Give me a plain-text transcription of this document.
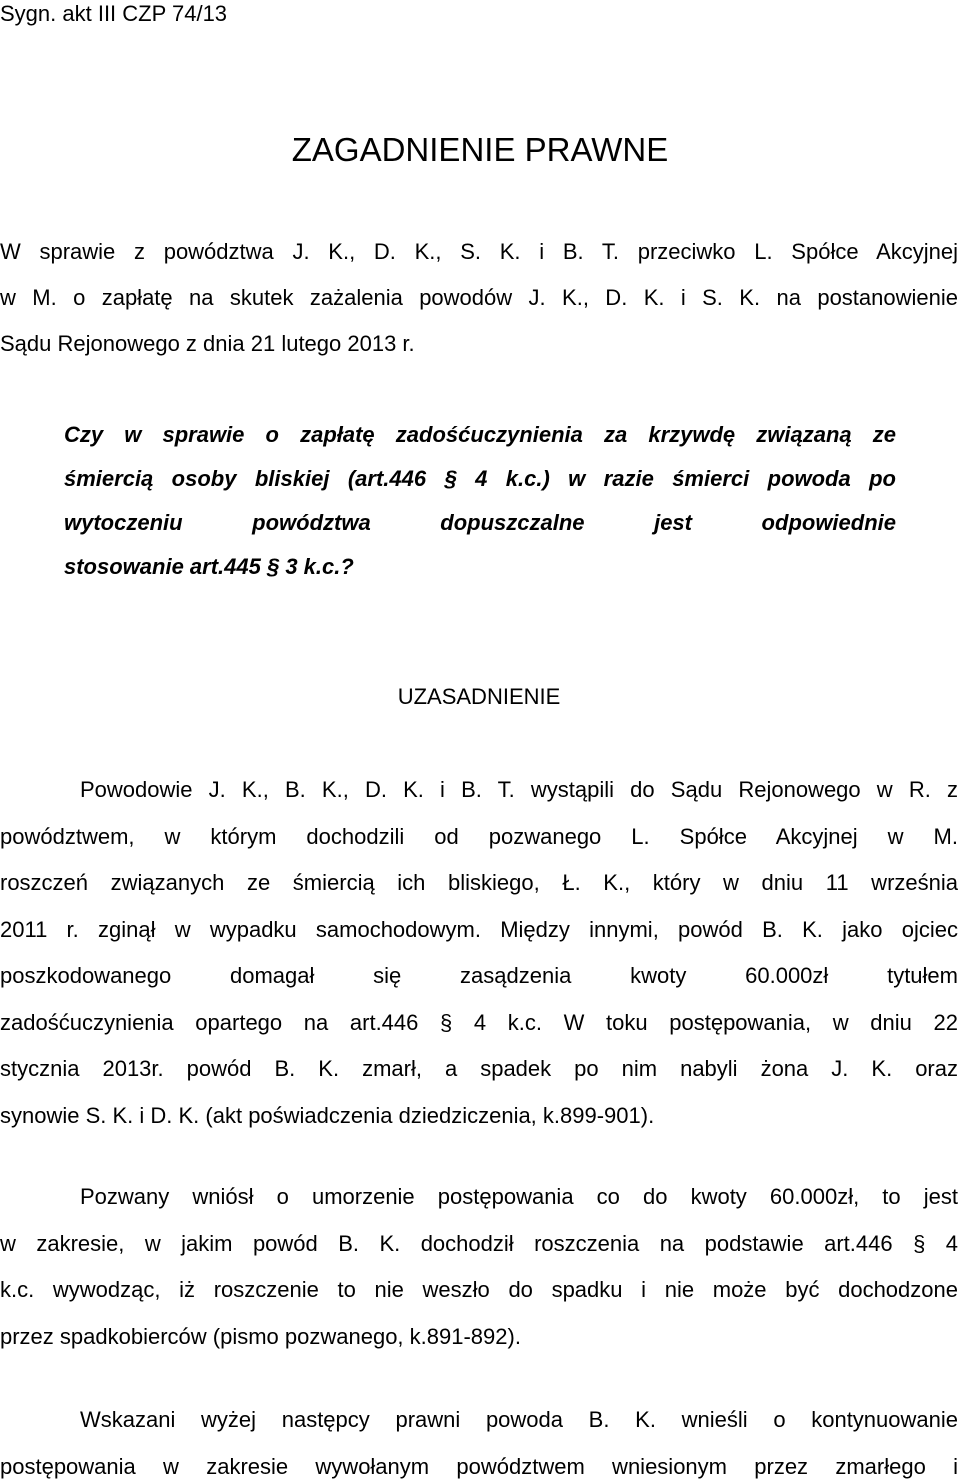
Sygn. akt III CZP 74/13
ZAGADNIENIE PRAWNE
W sprawie z powództwa J. K., D. K., S. K. i B. T. przeciwko L. Spółce Akcyjnej
w M. o zapłatę na skutek zażalenia powodów J. K., D. K. i S. K. na postanowienie
Sądu Rejonowego z dnia 21 lutego 2013 r.
Czy w sprawie o zapłatę zadośćuczynienia za krzywdę związaną ze
śmiercią osoby bliskiej (art.446 § 4 k.c.) w razie śmierci powoda po
wytoczeniu powództwa dopuszczalne jest odpowiednie
stosowanie art.445 § 3 k.c.?
UZASADNIENIE
Powodowie J. K., B. K., D. K. i B. T. wystąpili do Sądu Rejonowego w R. z
powództwem, w którym dochodzili od pozwanego L. Spółce Akcyjnej w M.
roszczeń związanych ze śmiercią ich bliskiego, Ł. K., który w dniu 11 września
2011 r. zginął w wypadku samochodowym. Między innymi, powód B. K. jako ojciec
poszkodowanego domagał się zasądzenia kwoty 60.000zł tytułem
zadośćuczynienia opartego na art.446 § 4 k.c. W toku postępowania, w dniu 22
stycznia 2013r. powód B. K. zmarł, a spadek po nim nabyli żona J. K. oraz
synowie S. K. i D. K. (akt poświadczenia dziedziczenia, k.899-901).
Pozwany wniósł o umorzenie postępowania co do kwoty 60.000zł, to jest
w zakresie, w jakim powód B. K. dochodził roszczenia na podstawie art.446 § 4
k.c. wywodząc, iż roszczenie to nie weszło do spadku i nie może być dochodzone
przez spadkobierców (pismo pozwanego, k.891-892).
Wskazani wyżej następcy prawni powoda B. K. wnieśli o kontynuowanie
postępowania w zakresie wywołanym powództwem wniesionym przez zmarłego i
